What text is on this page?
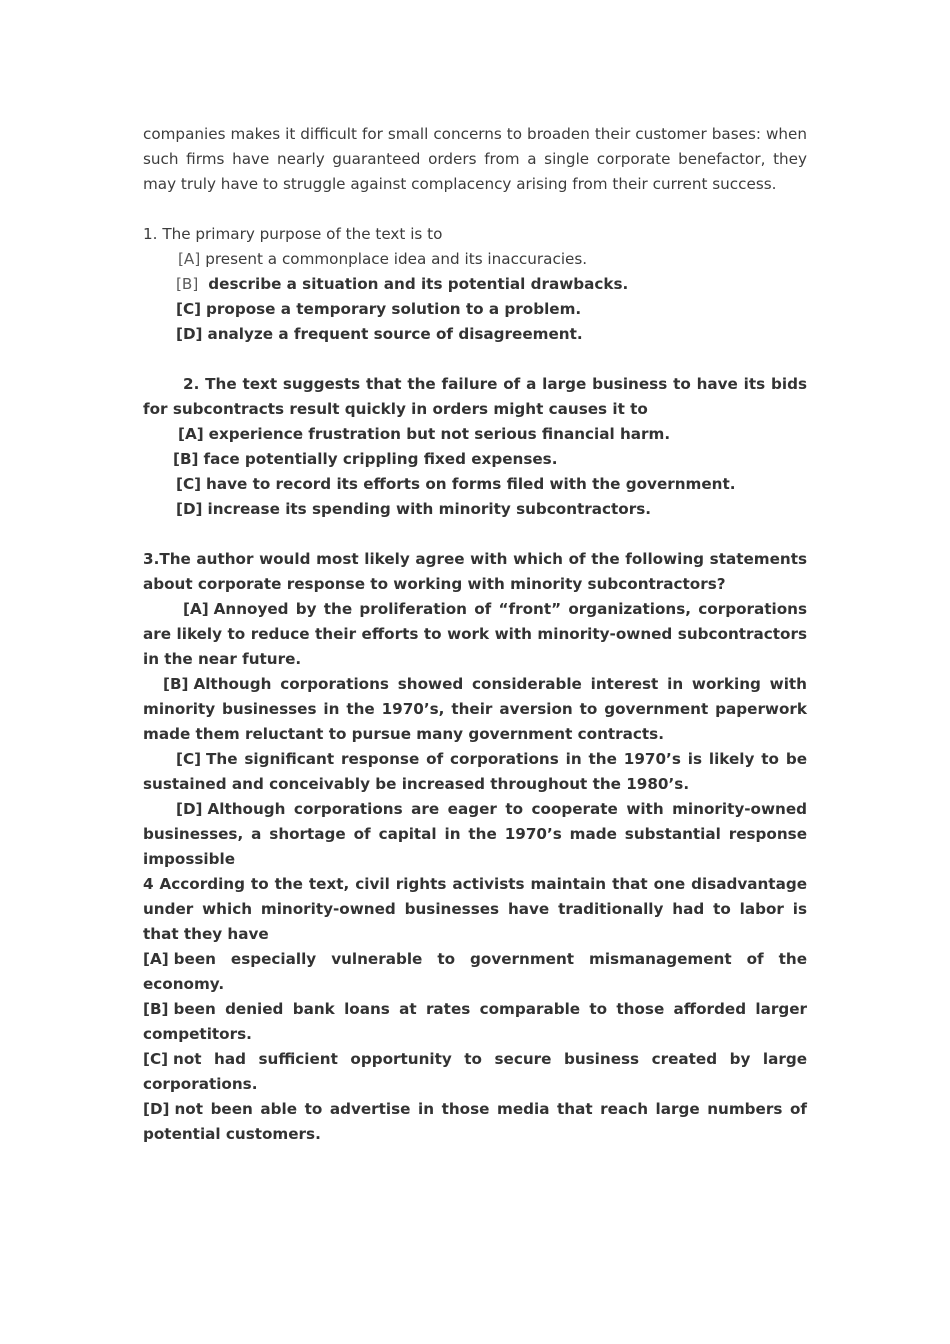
companies makes it difficult for small concerns to broaden their customer bases: when such firms have nearly guaranteed orders from a single corporate benefactor, they may truly have to struggle against complacency arising from their current success.

1. The primary purpose of the text is to

[A] present a commonplace idea and its inaccuracies.

[B] describe a situation and its potential drawbacks.

[C] propose a temporary solution to a problem.

[D] analyze a frequent source of disagreement.

2. The text suggests that the failure of a large business to have its bids for subcontracts result quickly in orders might causes it to

[A] experience frustration but not serious financial harm.

[B] face potentially crippling fixed expenses.

[C] have to record its efforts on forms filed with the government.

[D] increase its spending with minority subcontractors.

3.The author would most likely agree with which of the following statements about corporate response to working with minority subcontractors?

[A] Annoyed by the proliferation of “front” organizations, corporations are likely to reduce their efforts to work with minority-owned subcontractors in the near future.

[B] Although corporations showed considerable interest in working with minority businesses in the 1970’s, their aversion to government paperwork made them reluctant to pursue many government contracts.

[C] The significant response of corporations in the 1970’s is likely to be sustained and conceivably be increased throughout the 1980’s.

[D] Although corporations are eager to cooperate with minority-owned businesses, a shortage of capital in the 1970’s made substantial response impossible

4 According to the text, civil rights activists maintain that one disadvantage under which minority-owned businesses have traditionally had to labor is that they have

[A] been especially vulnerable to government mismanagement of the economy.

[B] been denied bank loans at rates comparable to those afforded larger competitors.

[C] not had sufficient opportunity to secure business created by large corporations.

[D] not been able to advertise in those media that reach large numbers of potential customers.
